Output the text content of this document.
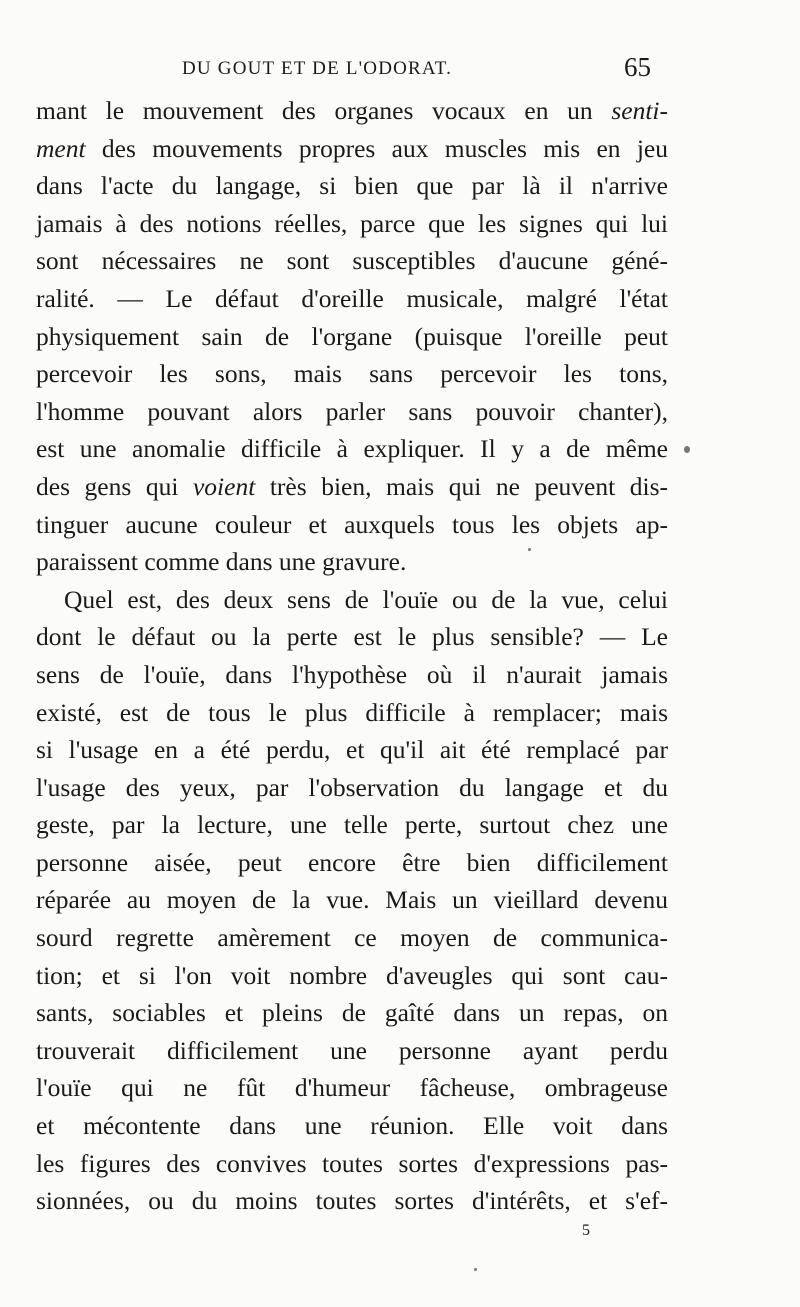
DU GOUT ET DE L'ODORAT.	65
mant le mouvement des organes vocaux en un senti-
ment des mouvements propres aux muscles mis en jeu
dans l'acte du langage, si bien que par là il n'arrive
jamais à des notions réelles, parce que les signes qui lui
sont nécessaires ne sont susceptibles d'aucune géné-
ralité. — Le défaut d'oreille musicale, malgré l'état
physiquement sain de l'organe (puisque l'oreille peut
percevoir les sons, mais sans percevoir les tons,
l'homme pouvant alors parler sans pouvoir chanter),
est une anomalie difficile à expliquer. Il y a de même
des gens qui voient très bien, mais qui ne peuvent dis-
tinguer aucune couleur et auxquels tous les objets ap-
paraissent comme dans une gravure.
Quel est, des deux sens de l'ouïe ou de la vue, celui
dont le défaut ou la perte est le plus sensible? — Le
sens de l'ouïe, dans l'hypothèse où il n'aurait jamais
existé, est de tous le plus difficile à remplacer; mais
si l'usage en a été perdu, et qu'il ait été remplacé par
l'usage des yeux, par l'observation du langage et du
geste, par la lecture, une telle perte, surtout chez une
personne aisée, peut encore être bien difficilement
réparée au moyen de la vue. Mais un vieillard devenu
sourd regrette amèrement ce moyen de communica-
tion; et si l'on voit nombre d'aveugles qui sont cau-
sants, sociables et pleins de gaîté dans un repas, on
trouverait difficilement une personne ayant perdu
l'ouïe qui ne fût d'humeur fâcheuse, ombrageuse
et mécontente dans une réunion. Elle voit dans
les figures des convives toutes sortes d'expressions pas-
sionnées, ou du moins toutes sortes d'intérêts, et s'ef-
5
